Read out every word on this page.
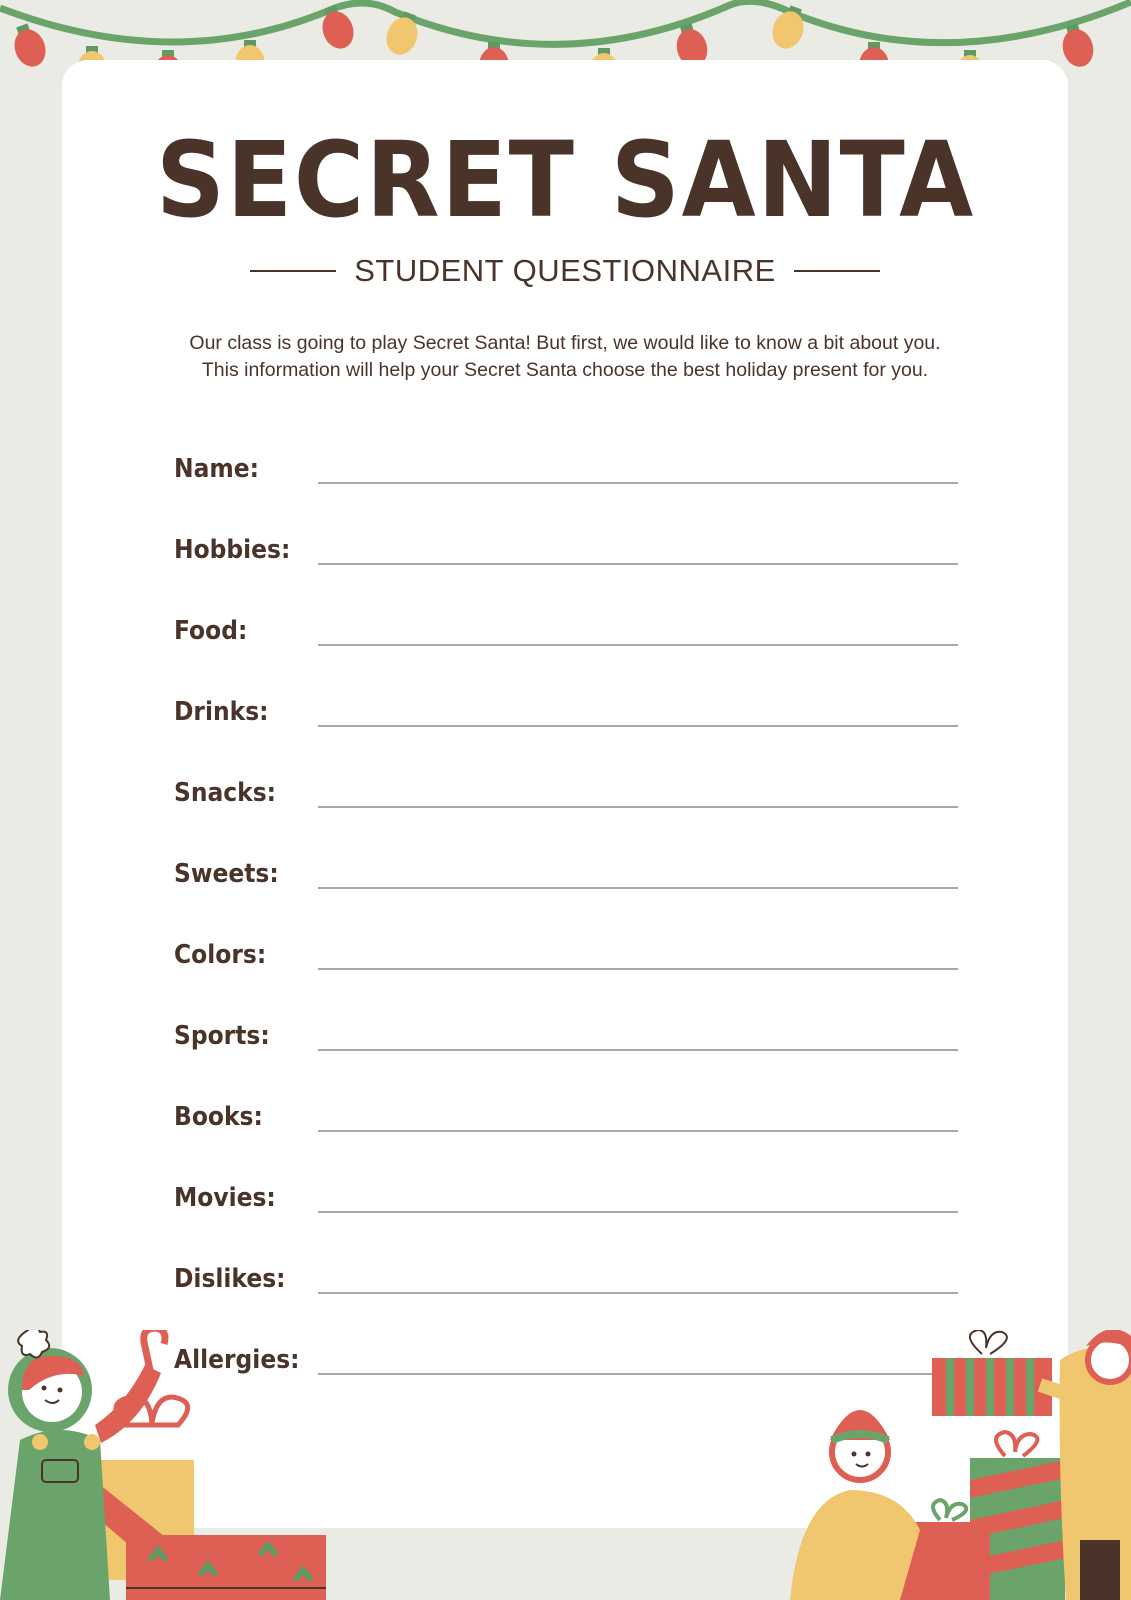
SECRET SANTA
STUDENT QUESTIONNAIRE

Our class is going to play Secret Santa! But first, we would like to know a bit about you.

This information will help your Secret Santa choose the best holiday present for you.

Name:
Hobbies:
Food:
Drinks:
Snacks:
Sweets:
Colors:
Sports:
Books:
Movies:
Dislikes:
Allergies:
